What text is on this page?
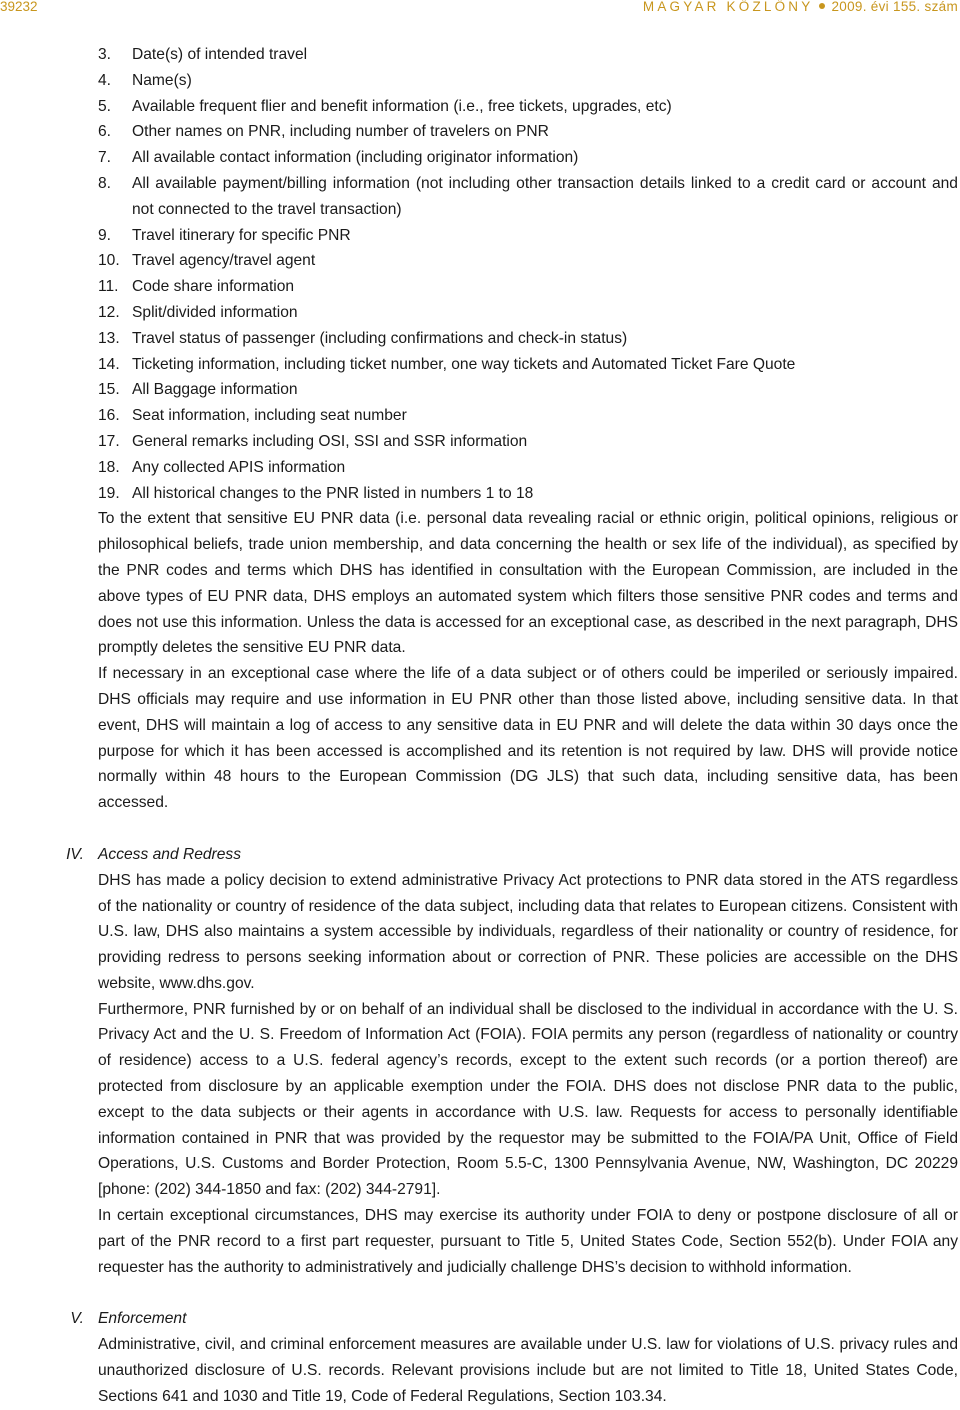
39232	MAGYAR KÖZLÖNY 2009. évi 155. szám
3.	Date(s) of intended travel
4.	Name(s)
5.	Available frequent flier and benefit information (i.e., free tickets, upgrades, etc)
6.	Other names on PNR, including number of travelers on PNR
7.	All available contact information (including originator information)
8.	All available payment/billing information (not including other transaction details linked to a credit card or account and not connected to the travel transaction)
9.	Travel itinerary for specific PNR
10. Travel agency/travel agent
11. Code share information
12. Split/divided information
13. Travel status of passenger (including confirmations and check-in status)
14. Ticketing information, including ticket number, one way tickets and Automated Ticket Fare Quote
15. All Baggage information
16. Seat information, including seat number
17. General remarks including OSI, SSI and SSR information
18. Any collected APIS information
19. All historical changes to the PNR listed in numbers 1 to 18

To the extent that sensitive EU PNR data (i.e. personal data revealing racial or ethnic origin, political opinions, religious or philosophical beliefs, trade union membership, and data concerning the health or sex life of the individual), as specified by the PNR codes and terms which DHS has identified in consultation with the European Commission, are included in the above types of EU PNR data, DHS employs an automated system which filters those sensitive PNR codes and terms and does not use this information. Unless the data is accessed for an exceptional case, as described in the next paragraph, DHS promptly deletes the sensitive EU PNR data.

If necessary in an exceptional case where the life of a data subject or of others could be imperiled or seriously impaired. DHS officials may require and use information in EU PNR other than those listed above, including sensitive data. In that event, DHS will maintain a log of access to any sensitive data in EU PNR and will delete the data within 30 days once the purpose for which it has been accessed is accomplished and its retention is not required by law. DHS will provide notice normally within 48 hours to the European Commission (DG JLS) that such data, including sensitive data, has been accessed.

IV. Access and Redress

DHS has made a policy decision to extend administrative Privacy Act protections to PNR data stored in the ATS regardless of the nationality or country of residence of the data subject, including data that relates to European citizens. Consistent with U.S. law, DHS also maintains a system accessible by individuals, regardless of their nationality or country of residence, for providing redress to persons seeking information about or correction of PNR. These policies are accessible on the DHS website, www.dhs.gov.

Furthermore, PNR furnished by or on behalf of an individual shall be disclosed to the individual in accordance with the U. S. Privacy Act and the U. S. Freedom of Information Act (FOIA). FOIA permits any person (regardless of nationality or country of residence) access to a U.S. federal agency’s records, except to the extent such records (or a portion thereof) are protected from disclosure by an applicable exemption under the FOIA. DHS does not disclose PNR data to the public, except to the data subjects or their agents in accordance with U.S. law. Requests for access to personally identifiable information contained in PNR that was provided by the requestor may be submitted to the FOIA/PA Unit, Office of Field Operations, U.S. Customs and Border Protection, Room 5.5-C, 1300 Pennsylvania Avenue, NW, Washington, DC 20229 [phone: (202) 344-1850 and fax: (202) 344-2791].

In certain exceptional circumstances, DHS may exercise its authority under FOIA to deny or postpone disclosure of all or part of the PNR record to a first part requester, pursuant to Title 5, United States Code, Section 552(b). Under FOIA any requester has the authority to administratively and judicially challenge DHS’s decision to withhold information.

V. Enforcement

Administrative, civil, and criminal enforcement measures are available under U.S. law for violations of U.S. privacy rules and unauthorized disclosure of U.S. records. Relevant provisions include but are not limited to Title 18, United States Code, Sections 641 and 1030 and Title 19, Code of Federal Regulations, Section 103.34.
